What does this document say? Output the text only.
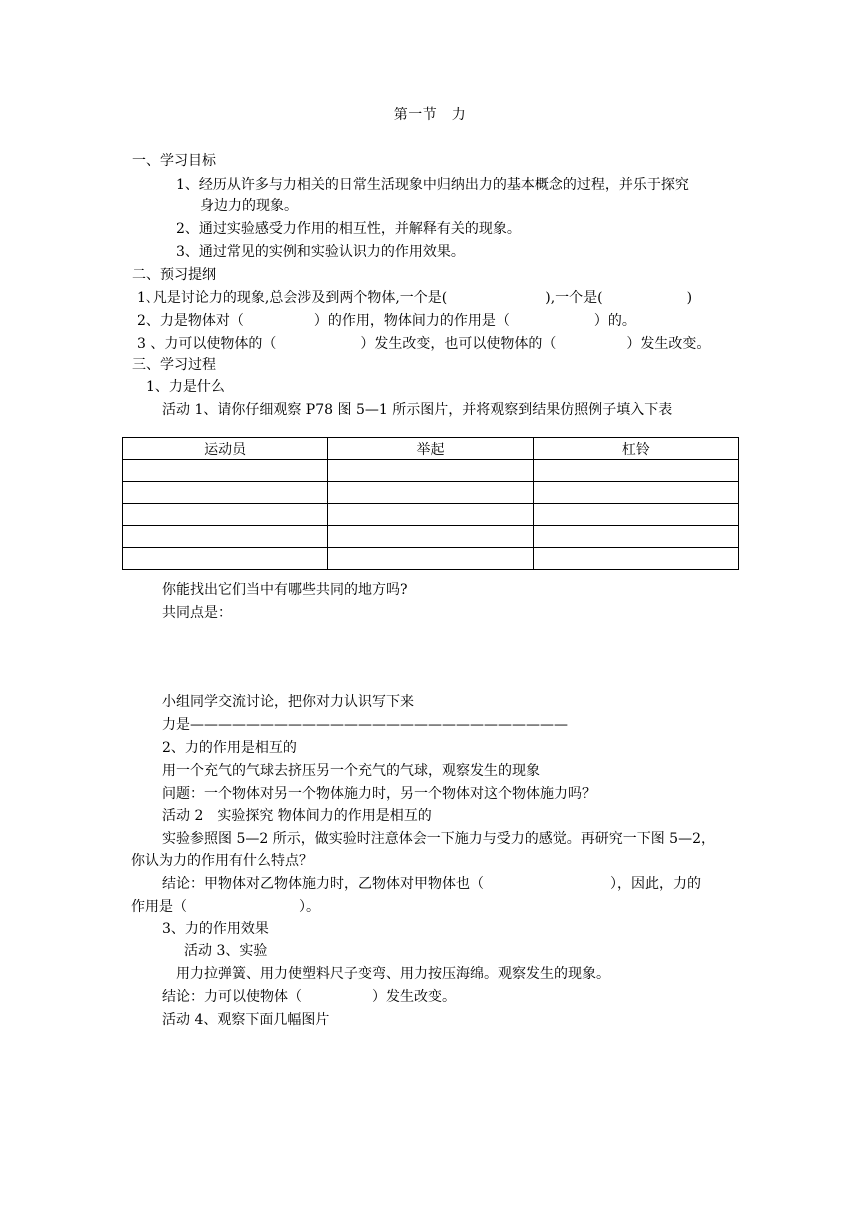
第一节　力
一、学习目标
1、经历从许多与力相关的日常生活现象中归纳出力的基本概念的过程，并乐于探究
身边力的现象。
2、通过实验感受力作用的相互性，并解释有关的现象。
3、通过常见的实例和实验认识力的作用效果。
二、预习提纲
1､凡是讨论力的现象,总会涉及到两个物体,一个是(　　　　　　　),一个是(　　　　　　)
2、力是物体对（　　　　　）的作用，物体间力的作用是（　　　　　　）的。
3 、力可以使物体的（　　　　　　）发生改变，也可以使物体的（　　　　　）发生改变。
三、学习过程
1、力是什么
活动 1、请你仔细观察 P78 图 5—1 所示图片，并将观察到结果仿照例子填入下表
运动员	举起	杠铃

你能找出它们当中有哪些共同的地方吗?
共同点是：
小组同学交流讨论，把你对力认识写下来
力是———————————————————————————
2、力的作用是相互的
用一个充气的气球去挤压另一个充气的气球，观察发生的现象
问题：一个物体对另一个物体施力时，另一个物体对这个物体施力吗？
活动 2　实验探究 物体间力的作用是相互的
实验参照图 5—2 所示，做实验时注意体会一下施力与受力的感觉。再研究一下图 5—2，
你认为力的作用有什么特点？
结论：甲物体对乙物体施力时，乙物体对甲物体也（　　　　　　　　　），因此，力的
作用是（　　　　　　　　）。
3、力的作用效果
活动 3、实验
用力拉弹簧、用力使塑料尺子变弯、用力按压海绵。观察发生的现象。
结论：力可以使物体（　　　　　）发生改变。
活动 4、观察下面几幅图片
